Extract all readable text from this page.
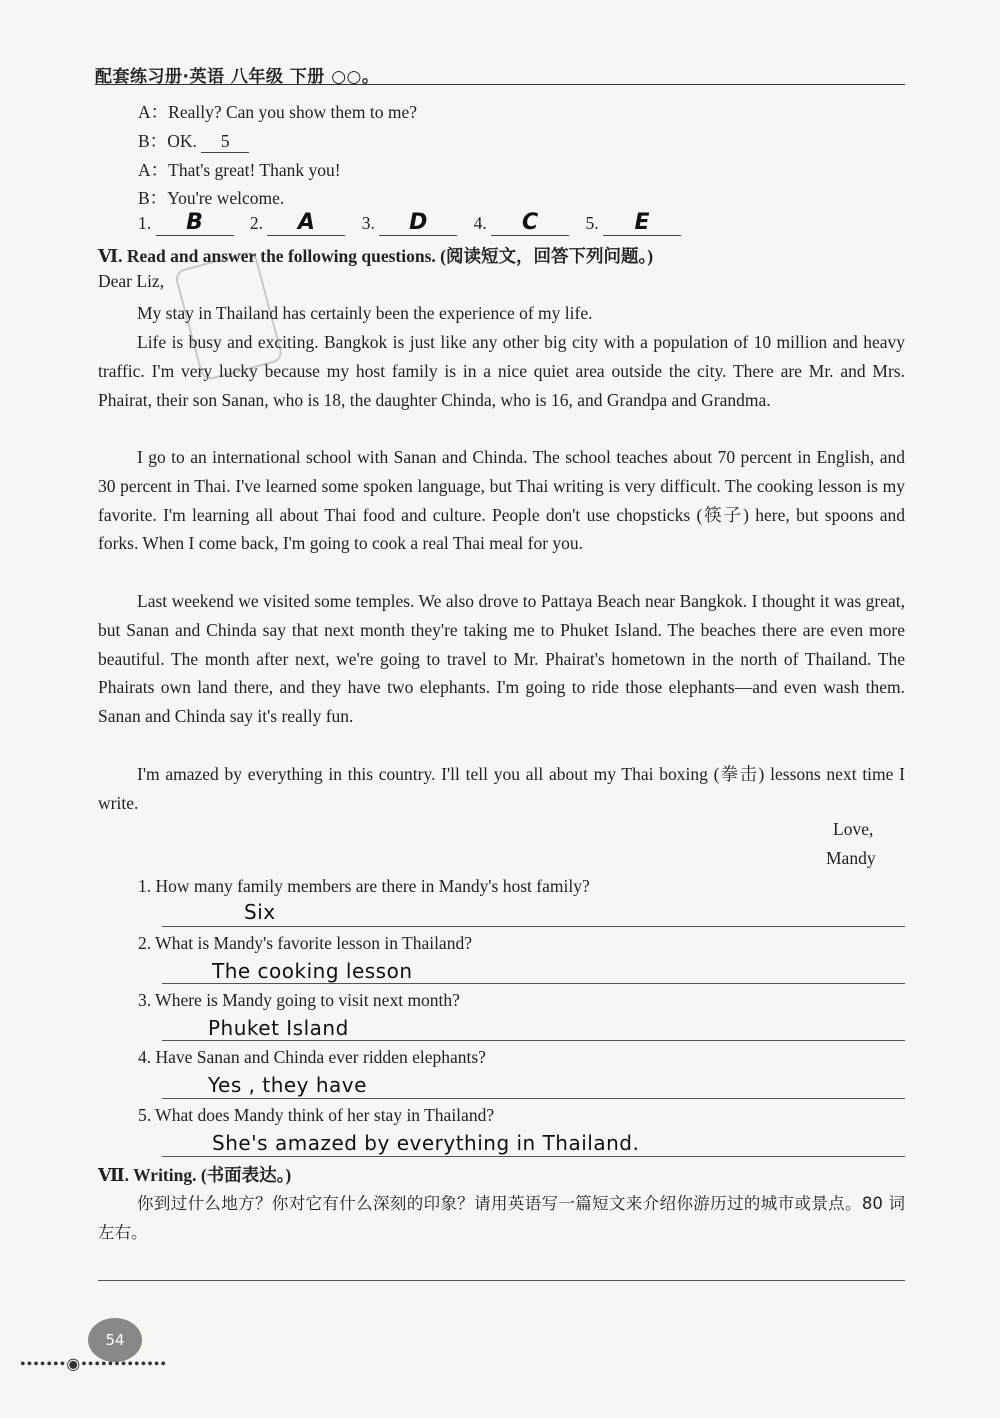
配套练习册·英语 八年级 下册 ○○。
A：Really? Can you show them to me?
B：OK. 5
A：That's great! Thank you!
B：You're welcome.
1. B	2. A	3. D	4. C	5. E
Ⅵ. Read and answer the following questions. (阅读短文，回答下列问题。)
Dear Liz,
My stay in Thailand has certainly been the experience of my life.
Life is busy and exciting. Bangkok is just like any other big city with a population of 10 million and heavy traffic. I'm very lucky because my host family is in a nice quiet area outside the city. There are Mr. and Mrs. Phairat, their son Sanan, who is 18, the daughter Chinda, who is 16, and Grandpa and Grandma.
I go to an international school with Sanan and Chinda. The school teaches about 70 percent in English, and 30 percent in Thai. I've learned some spoken language, but Thai writing is very difficult. The cooking lesson is my favorite. I'm learning all about Thai food and culture. People don't use chopsticks (筷子) here, but spoons and forks. When I come back, I'm going to cook a real Thai meal for you.
Last weekend we visited some temples. We also drove to Pattaya Beach near Bangkok. I thought it was great, but Sanan and Chinda say that next month they're taking me to Phuket Island. The beaches there are even more beautiful. The month after next, we're going to travel to Mr. Phairat's hometown in the north of Thailand. The Phairats own land there, and they have two elephants. I'm going to ride those elephants—and even wash them. Sanan and Chinda say it's really fun.
I'm amazed by everything in this country. I'll tell you all about my Thai boxing (拳击) lessons next time I write.
Love,
Mandy
1. How many family members are there in Mandy's host family?
Six
2. What is Mandy's favorite lesson in Thailand?
The cooking lesson
3. Where is Mandy going to visit next month?
Phuket Island
4. Have Sanan and Chinda ever ridden elephants?
Yes , they have
5. What does Mandy think of her stay in Thailand?
She's amazed by everything in Thailand.
Ⅶ. Writing. (书面表达。)
你到过什么地方？你对它有什么深刻的印象？请用英语写一篇短文来介绍你游历过的城市或景点。80 词左右。
54
•••••••◉•••••••••••••
